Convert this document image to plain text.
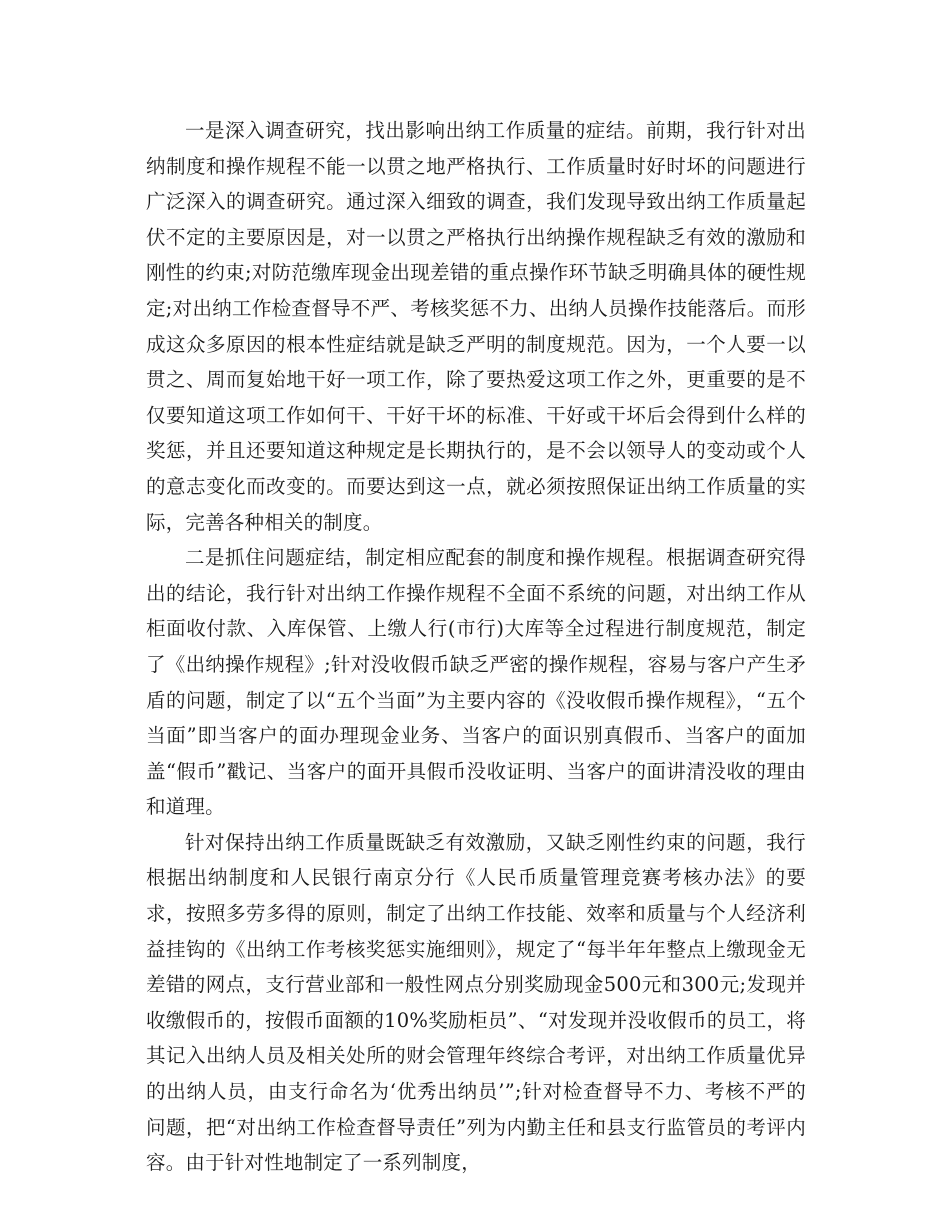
一是深入调查研究，找出影响出纳工作质量的症结。前期，我行针对出纳制度和操作规程不能一以贯之地严格执行、工作质量时好时坏的问题进行广泛深入的调查研究。通过深入细致的调查，我们发现导致出纳工作质量起伏不定的主要原因是，对一以贯之严格执行出纳操作规程缺乏有效的激励和刚性的约束;对防范缴库现金出现差错的重点操作环节缺乏明确具体的硬性规定;对出纳工作检查督导不严、考核奖惩不力、出纳人员操作技能落后。而形成这众多原因的根本性症结就是缺乏严明的制度规范。因为，一个人要一以贯之、周而复始地干好一项工作，除了要热爱这项工作之外，更重要的是不仅要知道这项工作如何干、干好干坏的标准、干好或干坏后会得到什么样的奖惩，并且还要知道这种规定是长期执行的，是不会以领导人的变动或个人的意志变化而改变的。而要达到这一点，就必须按照保证出纳工作质量的实际，完善各种相关的制度。

二是抓住问题症结，制定相应配套的制度和操作规程。根据调查研究得出的结论，我行针对出纳工作操作规程不全面不系统的问题，对出纳工作从柜面收付款、入库保管、上缴人行(市行)大库等全过程进行制度规范，制定了《出纳操作规程》;针对没收假币缺乏严密的操作规程，容易与客户产生矛盾的问题，制定了以“五个当面”为主要内容的《没收假币操作规程》，“五个当面”即当客户的面办理现金业务、当客户的面识别真假币、当客户的面加盖“假币”戳记、当客户的面开具假币没收证明、当客户的面讲清没收的理由和道理。

针对保持出纳工作质量既缺乏有效激励，又缺乏刚性约束的问题，我行根据出纳制度和人民银行南京分行《人民币质量管理竞赛考核办法》的要求，按照多劳多得的原则，制定了出纳工作技能、效率和质量与个人经济利益挂钩的《出纳工作考核奖惩实施细则》，规定了“每半年年整点上缴现金无差错的网点，支行营业部和一般性网点分别奖励现金500元和300元;发现并收缴假币的，按假币面额的10%奖励柜员”、“对发现并没收假币的员工，将其记入出纳人员及相关处所的财会管理年终综合考评，对出纳工作质量优异的出纳人员，由支行命名为‘优秀出纳员’”;针对检查督导不力、考核不严的问题，把“对出纳工作检查督导责任”列为内勤主任和县支行监管员的考评内容。由于针对性地制定了一系列制度，
